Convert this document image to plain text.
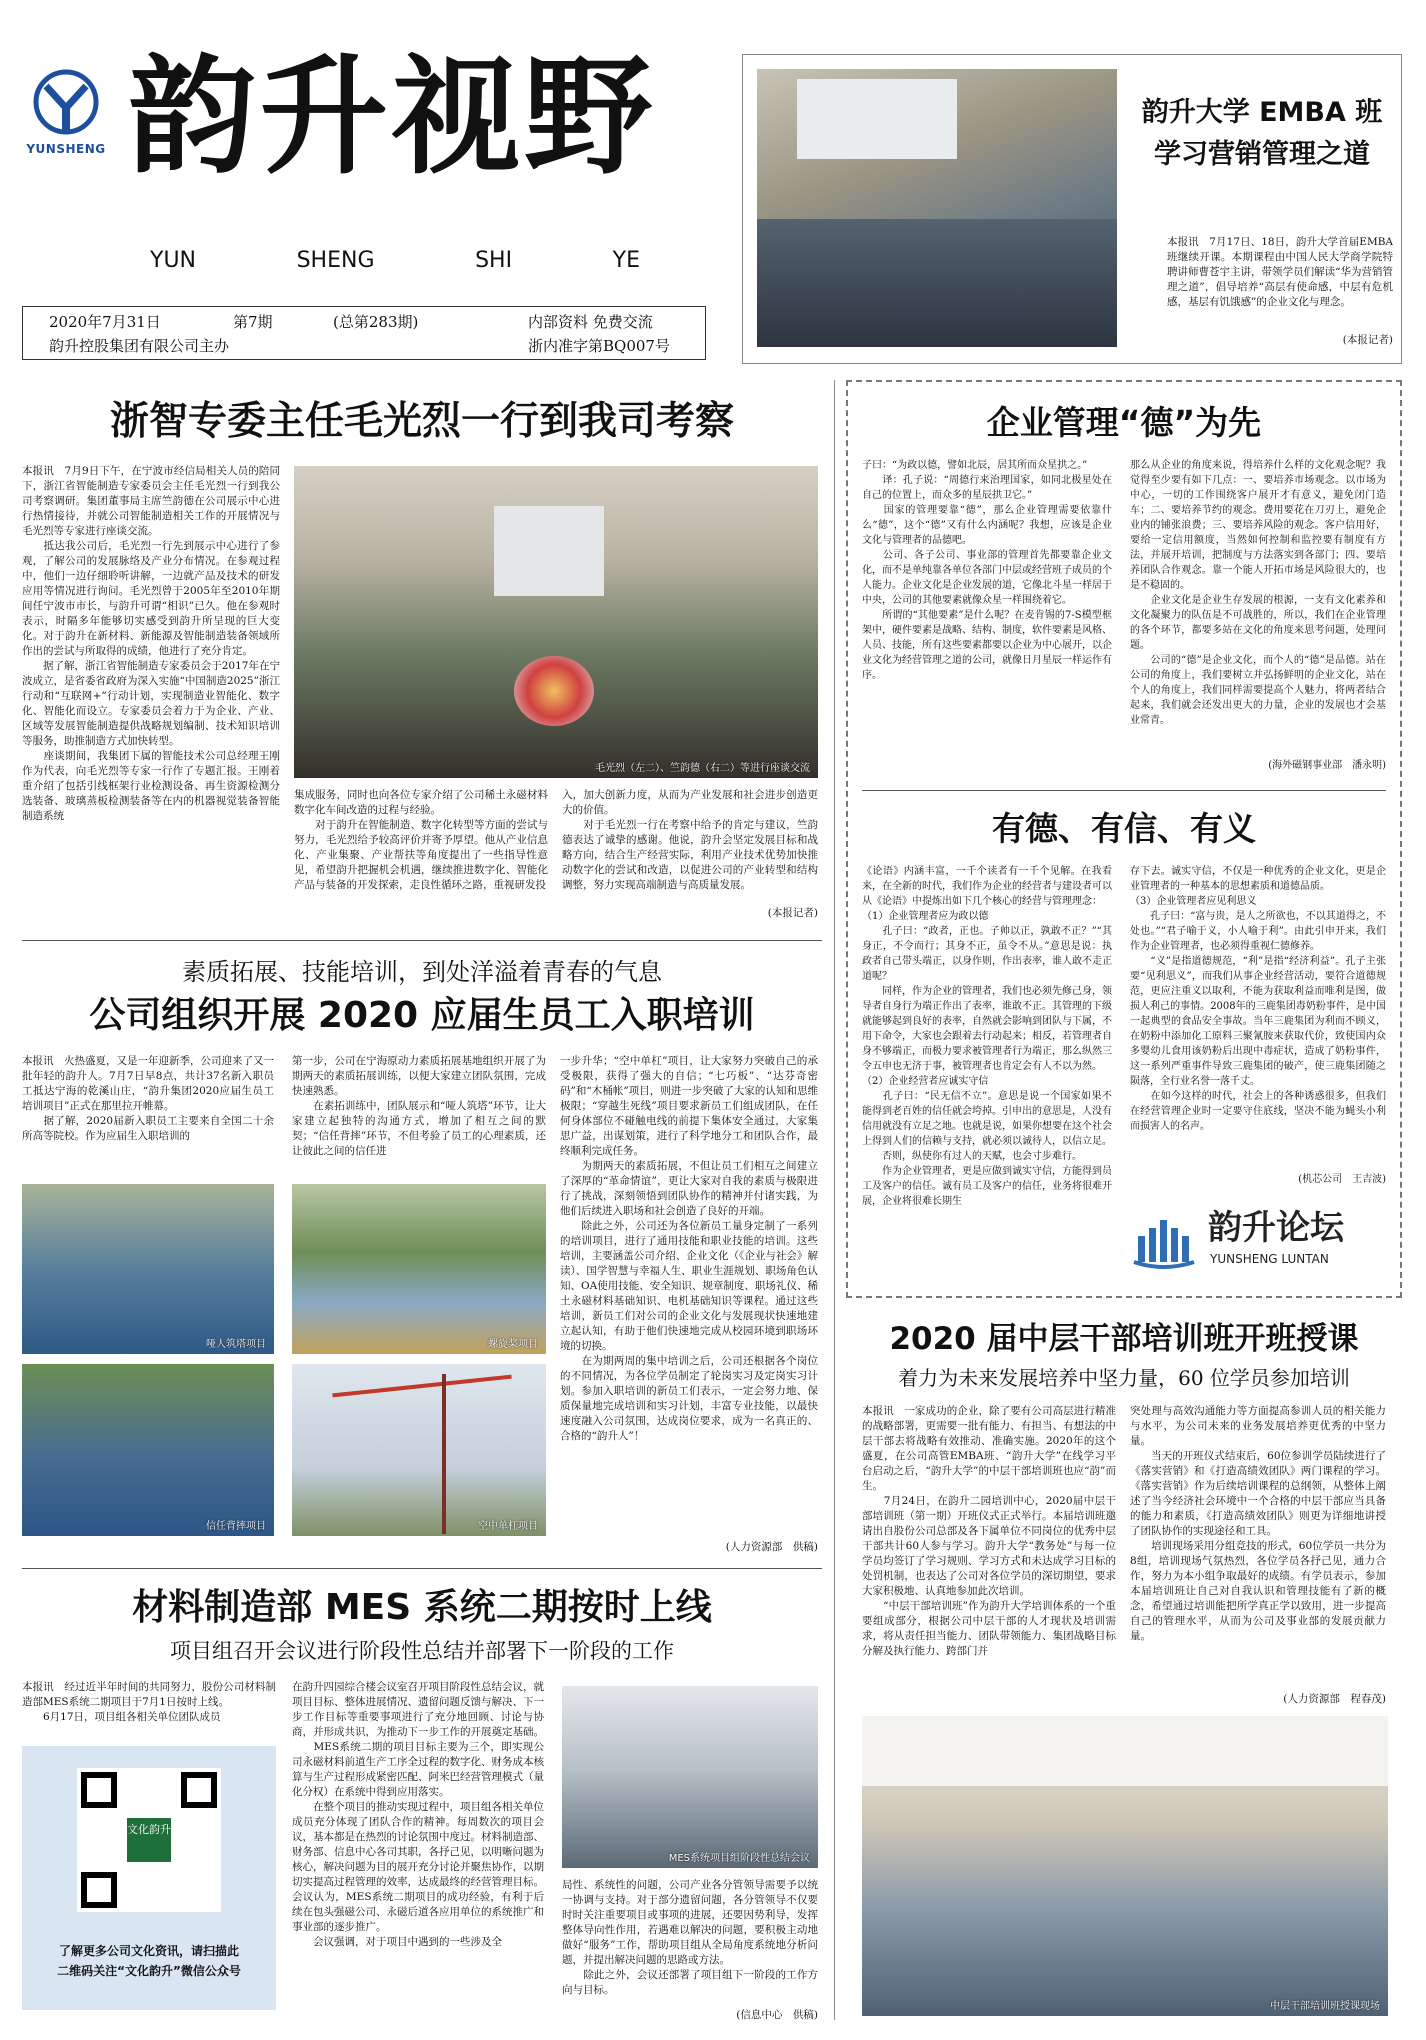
YUNSHENG 韵升视野
YUN	SHENG	SHI	YE
2020年7月31日	第7期	(总第283期)	内部资料 免费交流
韵升控股集团有限公司主办	浙内准字第BQ007号
韵升大学 EMBA 班
学习营销管理之道

本报讯　7月17日、18日，韵升大学首届EMBA班继续开课。本期课程由中国人民大学商学院特聘讲师曹苍宇主讲，带领学员们解读“华为营销管理之道”，倡导培养“高层有使命感，中层有危机感，基层有饥饿感”的企业文化与理念。

(本报记者)

浙智专委主任毛光烈一行到我司考察

本报讯　7月9日下午，在宁波市经信局相关人员的陪同下，浙江省智能制造专家委员会主任毛光烈一行到我公司考察调研。集团董事局主席竺韵德在公司展示中心进行热情接待，并就公司智能制造相关工作的开展情况与毛光烈等专家进行座谈交流。
　　抵达我公司后，毛光烈一行先到展示中心进行了参观，了解公司的发展脉络及产业分布情况。在参观过程中，他们一边仔细聆听讲解，一边就产品及技术的研发应用等情况进行询问。毛光烈曾于2005年至2010年期间任宁波市市长，与韵升可谓“相识”已久。他在参观时表示，时隔多年能够切实感受到韵升所呈现的巨大变化。对于韵升在新材料、新能源及智能制造装备领域所作出的尝试与所取得的成绩，他进行了充分肯定。
　　据了解，浙江省智能制造专家委员会于2017年在宁波成立，是省委省政府为深入实施“中国制造2025”浙江行动和“互联网+”行动计划，实现制造业智能化、数字化、智能化而设立。专家委员会着力于为企业、产业、区域等发展智能制造提供战略规划编制、技术知识培训等服务，助推制造方式加快转型。
　　座谈期间，我集团下属的智能技术公司总经理王刚作为代表，向毛光烈等专家一行作了专题汇报。王刚着重介绍了包括引线框架行业检测设备、再生资源检测分选装备、玻璃蒸板检测装备等在内的机器视觉装备智能制造系统

毛光烈（左二）、竺韵德（右二）等进行座谈交流

集成服务，同时也向各位专家介绍了公司稀土永磁材料数字化车间改造的过程与经验。
　　对于韵升在智能制造、数字化转型等方面的尝试与努力，毛光烈给予较高评价并寄予厚望。他从产业信息化、产业集聚、产业帮扶等角度提出了一些指导性意见，希望韵升把握机会机遇，继续推进数字化、智能化产品与装备的开发探索，走良性循环之路，重视研发投

入，加大创新力度，从而为产业发展和社会进步创造更大的价值。
　　对于毛光烈一行在考察中给予的肯定与建议，竺韵德表达了诚挚的感谢。他说，韵升会坚定发展目标和战略方向，结合生产经营实际，利用产业技术优势加快推动数字化的尝试和改造，以促进公司的产业转型和结构调整，努力实现高端制造与高质量发展。

(本报记者)

素质拓展、技能培训，到处洋溢着青春的气息
公司组织开展 2020 应届生员工入职培训

本报讯　火热盛夏，又是一年迎新季，公司迎来了又一批年轻的韵升人。7月7日早8点，共计37名新入职员工抵达宁海的乾溪山庄，“韵升集团2020应届生员工培训项目”正式在那里拉开帷幕。
　　据了解，2020届新入职员工主要来自全国二十余所高等院校。作为应届生入职培训的

第一步，公司在宁海原动力素质拓展基地组织开展了为期两天的素质拓展训练，以便大家建立团队氛围，完成快速熟悉。
　　在素拓训练中，团队展示和“哑人筑塔”环节，让大家建立起独特的沟通方式，增加了相互之间的默契；“信任背摔”环节，不但考验了员工的心理素质，还让彼此之间的信任进

一步升华；“空中单杠”项目，让大家努力突破自己的承受极限，获得了强大的自信；“七巧板”、“达芬奇密码”和“木桶帐”项目，则进一步突破了大家的认知和思维极限；“穿越生死线”项目要求新员工们组成团队，在任何身体部位不碰触电线的前提下集体安全通过，大家集思广益，出谋划策，进行了科学地分工和团队合作，最终顺利完成任务。
　　为期两天的素质拓展，不但让员工们相互之间建立了深厚的“革命情谊”，更让大家对自我的素质与极限进行了挑战，深刻领悟到团队协作的精神并付诸实践，为他们后续进入职场和社会创造了良好的开端。
　　除此之外，公司还为各位新员工量身定制了一系列的培训项目，进行了通用技能和职业技能的培训。这些培训，主要涵盖公司介绍、企业文化（《企业与社会》解读）、国学智慧与幸福人生、职业生涯规划、职场角色认知、OA使用技能、安全知识、规章制度、职场礼仪、稀土永磁材料基础知识、电机基础知识等课程。通过这些培训，新员工们对公司的企业文化与发展现状快速地建立起认知，有助于他们快速地完成从校园环境到职场环境的切换。
　　在为期两周的集中培训之后，公司还根据各个岗位的不同情况，为各位学员制定了轮岗实习及定岗实习计划。参加入职培训的新员工们表示，一定会努力地、保质保量地完成培训和实习计划，丰富专业技能，以最快速度融入公司氛围，达成岗位要求，成为一名真正的、合格的“韵升人”！

(人力资源部　供稿)

哑人筑塔项目	螺旋桨项目
信任背摔项目	空中单杠项目
材料制造部 MES 系统二期按时上线
项目组召开会议进行阶段性总结并部署下一阶段的工作

本报讯　经过近半年时间的共同努力，股份公司材料制造部MES系统二期项目于7月1日按时上线。
　　6月17日，项目组各相关单位团队成员

在韵升四园综合楼会议室召开项目阶段性总结会议，就项目目标、整体进展情况、遗留问题反馈与解决、下一步工作目标等重要事项进行了充分地回顾、讨论与协商，并形成共识，为推动下一步工作的开展奠定基础。
　　MES系统二期的项目目标主要为三个，即实现公司永磁材料前道生产工序全过程的数字化、财务成本核算与生产过程形成紧密匹配、阿米巴经营管理模式（量化分权）在系统中得到应用落实。
　　在整个项目的推动实现过程中，项目组各相关单位成员充分体现了团队合作的精神。每周数次的项目会议，基本都是在热烈的讨论氛围中度过。材料制造部、财务部、信息中心各司其职，各抒己见，以明晰问题为核心，解决问题为目的展开充分讨论并聚焦协作，以期切实提高过程管理的效率，达成最终的经营管理目标。会议认为，MES系统二期项目的成功经验，有利于后续在包头强磁公司、永磁后道各应用单位的系统推广和事业部的逐步推广。
　　会议强调，对于项目中遇到的一些涉及全

MES系统项目组阶段性总结会议

局性、系统性的问题，公司产业各分管领导需要予以统一协调与支持。对于部分遗留问题，各分管领导不仅要时时关注重要项目或事项的进展，还要因势利导，发挥整体导向性作用，若遇难以解决的问题，要积极主动地做好“服务”工作，帮助项目组从全局角度系统地分析问题，并提出解决问题的思路或方法。
　　除此之外，会议还部署了项目组下一阶段的工作方向与目标。

(信息中心　供稿)

文化韵升
了解更多公司文化资讯，请扫描此
二维码关注“文化韵升”微信公众号
企业管理“德”为先

子曰：“为政以德，譬如北辰，居其所而众星拱之。”
　　译：孔子说：“周德行来治理国家，如同北极星处在自己的位置上，而众多的星辰拱卫它。”
　　国家的管理要靠“德”，那么企业管理需要依靠什么“德”，这个“德”又有什么内涵呢？我想，应该是企业文化与管理者的品德吧。
　　公司、各子公司、事业部的管理首先都要靠企业文化，而不是单纯靠各单位各部门中层或经营班子成员的个人能力。企业文化是企业发展的道，它像北斗星一样居于中央，公司的其他要素就像众星一样围绕着它。
　　所谓的“其他要素”是什么呢？在麦肯锡的7-S模型框架中，硬件要素是战略、结构、制度，软件要素是风格、人员、技能，所有这些要素都要以企业为中心展开，以企业文化为经营管理之道的公司，就像日月星辰一样运作有序。

那么从企业的角度来说，得培养什么样的文化观念呢？我觉得至少要有如下几点：一、要培养市场观念。以市场为中心，一切的工作围绕客户展开才有意义，避免闭门造车；二、要培养节约的观念。费用要花在刀刃上，避免企业内的铺张浪费；三、要培养风险的观念。客户信用好，要给一定信用额度，当然如何控制和监控要有制度有方法，并展开培训，把制度与方法落实到各部门；四、要培养团队合作观念。靠一个能人开拓市场是风险很大的，也是不稳固的。
　　企业文化是企业生存发展的根源，一支有文化素养和文化凝聚力的队伍是不可战胜的，所以，我们在企业管理的各个环节，都要多站在文化的角度来思考问题，处理问题。
　　公司的“德”是企业文化，而个人的“德”是品德。站在公司的角度上，我们要树立并弘扬鲜明的企业文化，站在个人的角度上，我们同样需要提高个人魅力，将两者结合起来，我们就会还发出更大的力量，企业的发展也才会基业常青。

(海外磁钢事业部　潘永明)

有德、有信、有义

《论语》内涵丰富，一千个读者有一千个见解。在我看来，在全新的时代，我们作为企业的经营者与建设者可以从《论语》中提炼出如下几个核心的经营与管理理念：
（1）企业管理者应为政以德
　　孔子曰：“政者，正也。子帅以正，孰敢不正？”“其身正，不令而行；其身不正，虽令不从。”意思是说：执政者自己带头端正，以身作则，作出表率，谁人敢不走正道呢？
　　同样，作为企业的管理者，我们也必须先修己身，领导者自身行为端正作出了表率，谁敢不正。其管理的下级就能够起到良好的表率，自然就会影响到团队与下属，不用下命令，大家也会跟着去行动起来；相反，若管理者自身不够端正，而极力要求被管理者行为端正，那么纵然三令五申也无济于事，被管理者也肯定会有人不以为然。
（2）企业经营者应诚实守信
　　孔子曰：“民无信不立”。意思是说一个国家如果不能得到老百姓的信任就会垮掉。引申出的意思是，人没有信用就没有立足之地。也就是说，如果你想要在这个社会上得到人们的信赖与支持，就必须以诚待人，以信立足。
　　否则，纵使你有过人的天赋，也会寸步难行。
　　作为企业管理者，更是应做到诚实守信，方能得到员工及客户的信任。诚有员工及客户的信任，业务将很难开展，企业将很难长期生

存下去。诚实守信，不仅是一种优秀的企业文化，更是企业管理者的一种基本的思想素质和道德品质。
（3）企业管理者应见利思义
　　孔子曰：“富与贵，是人之所欲也，不以其道得之，不处也。”“君子喻于义，小人喻于利”。由此引申开来，我们作为企业管理者，也必须得重视仁德修养。
　　“义”是指道德规范，“利”是指“经济利益”。孔子主张要“见利思义”，而我们从事企业经营活动，要符合道德规范，更应注重义以取利，不能为获取利益而唯利是图，做损人利己的事情。2008年的三鹿集团毒奶粉事件，是中国一起典型的食品安全事故。当年三鹿集团为利而不顾义，在奶粉中添加化工原料三聚氰胺来获取代价，致使国内众多婴幼儿食用该奶粉后出现中毒症状，造成了奶粉事件，这一系列严重事件导致三鹿集团的破产，使三鹿集团随之陨落，全行业名誉一落千丈。
　　在如今这样的时代，社会上的各种诱惑很多，但我们在经营管理企业时一定要守住底线，坚决不能为蝇头小利而损害人的名声。

(机芯公司　王吉波)

韵升论坛
YUNSHENG LUNTAN
2020 届中层干部培训班开班授课
着力为未来发展培养中坚力量，60 位学员参加培训

本报讯　一家成功的企业，除了要有公司高层进行精准的战略部署，更需要一批有能力、有担当、有想法的中层干部去将战略有效推动、准确实施。2020年的这个盛夏，在公司高管EMBA班、“韵升大学”在线学习平台启动之后，“韵升大学”的中层干部培训班也应“韵”而生。
　　7月24日，在韵升二园培训中心，2020届中层干部培训班（第一期）开班仪式正式举行。本届培训班邀请出自股份公司总部及各下属单位不同岗位的优秀中层干部共计60人参与学习。韵升大学“教务处”与每一位学员均签订了学习规则、学习方式和未达成学习目标的处罚机制，也表达了公司对各位学员的深切期望，要求大家积极地、认真地参加此次培训。
　　“中层干部培训班”作为韵升大学培训体系的一个重要组成部分，根据公司中层干部的人才现状及培训需求，将从责任担当能力、团队带领能力、集团战略目标分解及执行能力、跨部门并

突处理与高效沟通能力等方面提高参训人员的相关能力与水平，为公司未来的业务发展培养更优秀的中坚力量。
　　当天的开班仪式结束后，60位参训学员陆续进行了《落实营销》和《打造高绩效团队》两门课程的学习。《落实营销》作为后续培训课程的总纲领，从整体上阐述了当今经济社会环境中一个合格的中层干部应当具备的能力和素质，《打造高绩效团队》则更为详细地讲授了团队协作的实现途径和工具。
　　培训现场采用分组竞技的形式，60位学员一共分为8组，培训现场气氛热烈，各位学员各抒己见，通力合作，努力为本小组争取最好的成绩。有学员表示，参加本届培训班让自己对自我认识和管理技能有了新的概念，希望通过培训能把所学真正学以致用，进一步提高自己的管理水平，从而为公司及事业部的发展贡献力量。

(人力资源部　程春茂)

中层干部培训班授课现场
